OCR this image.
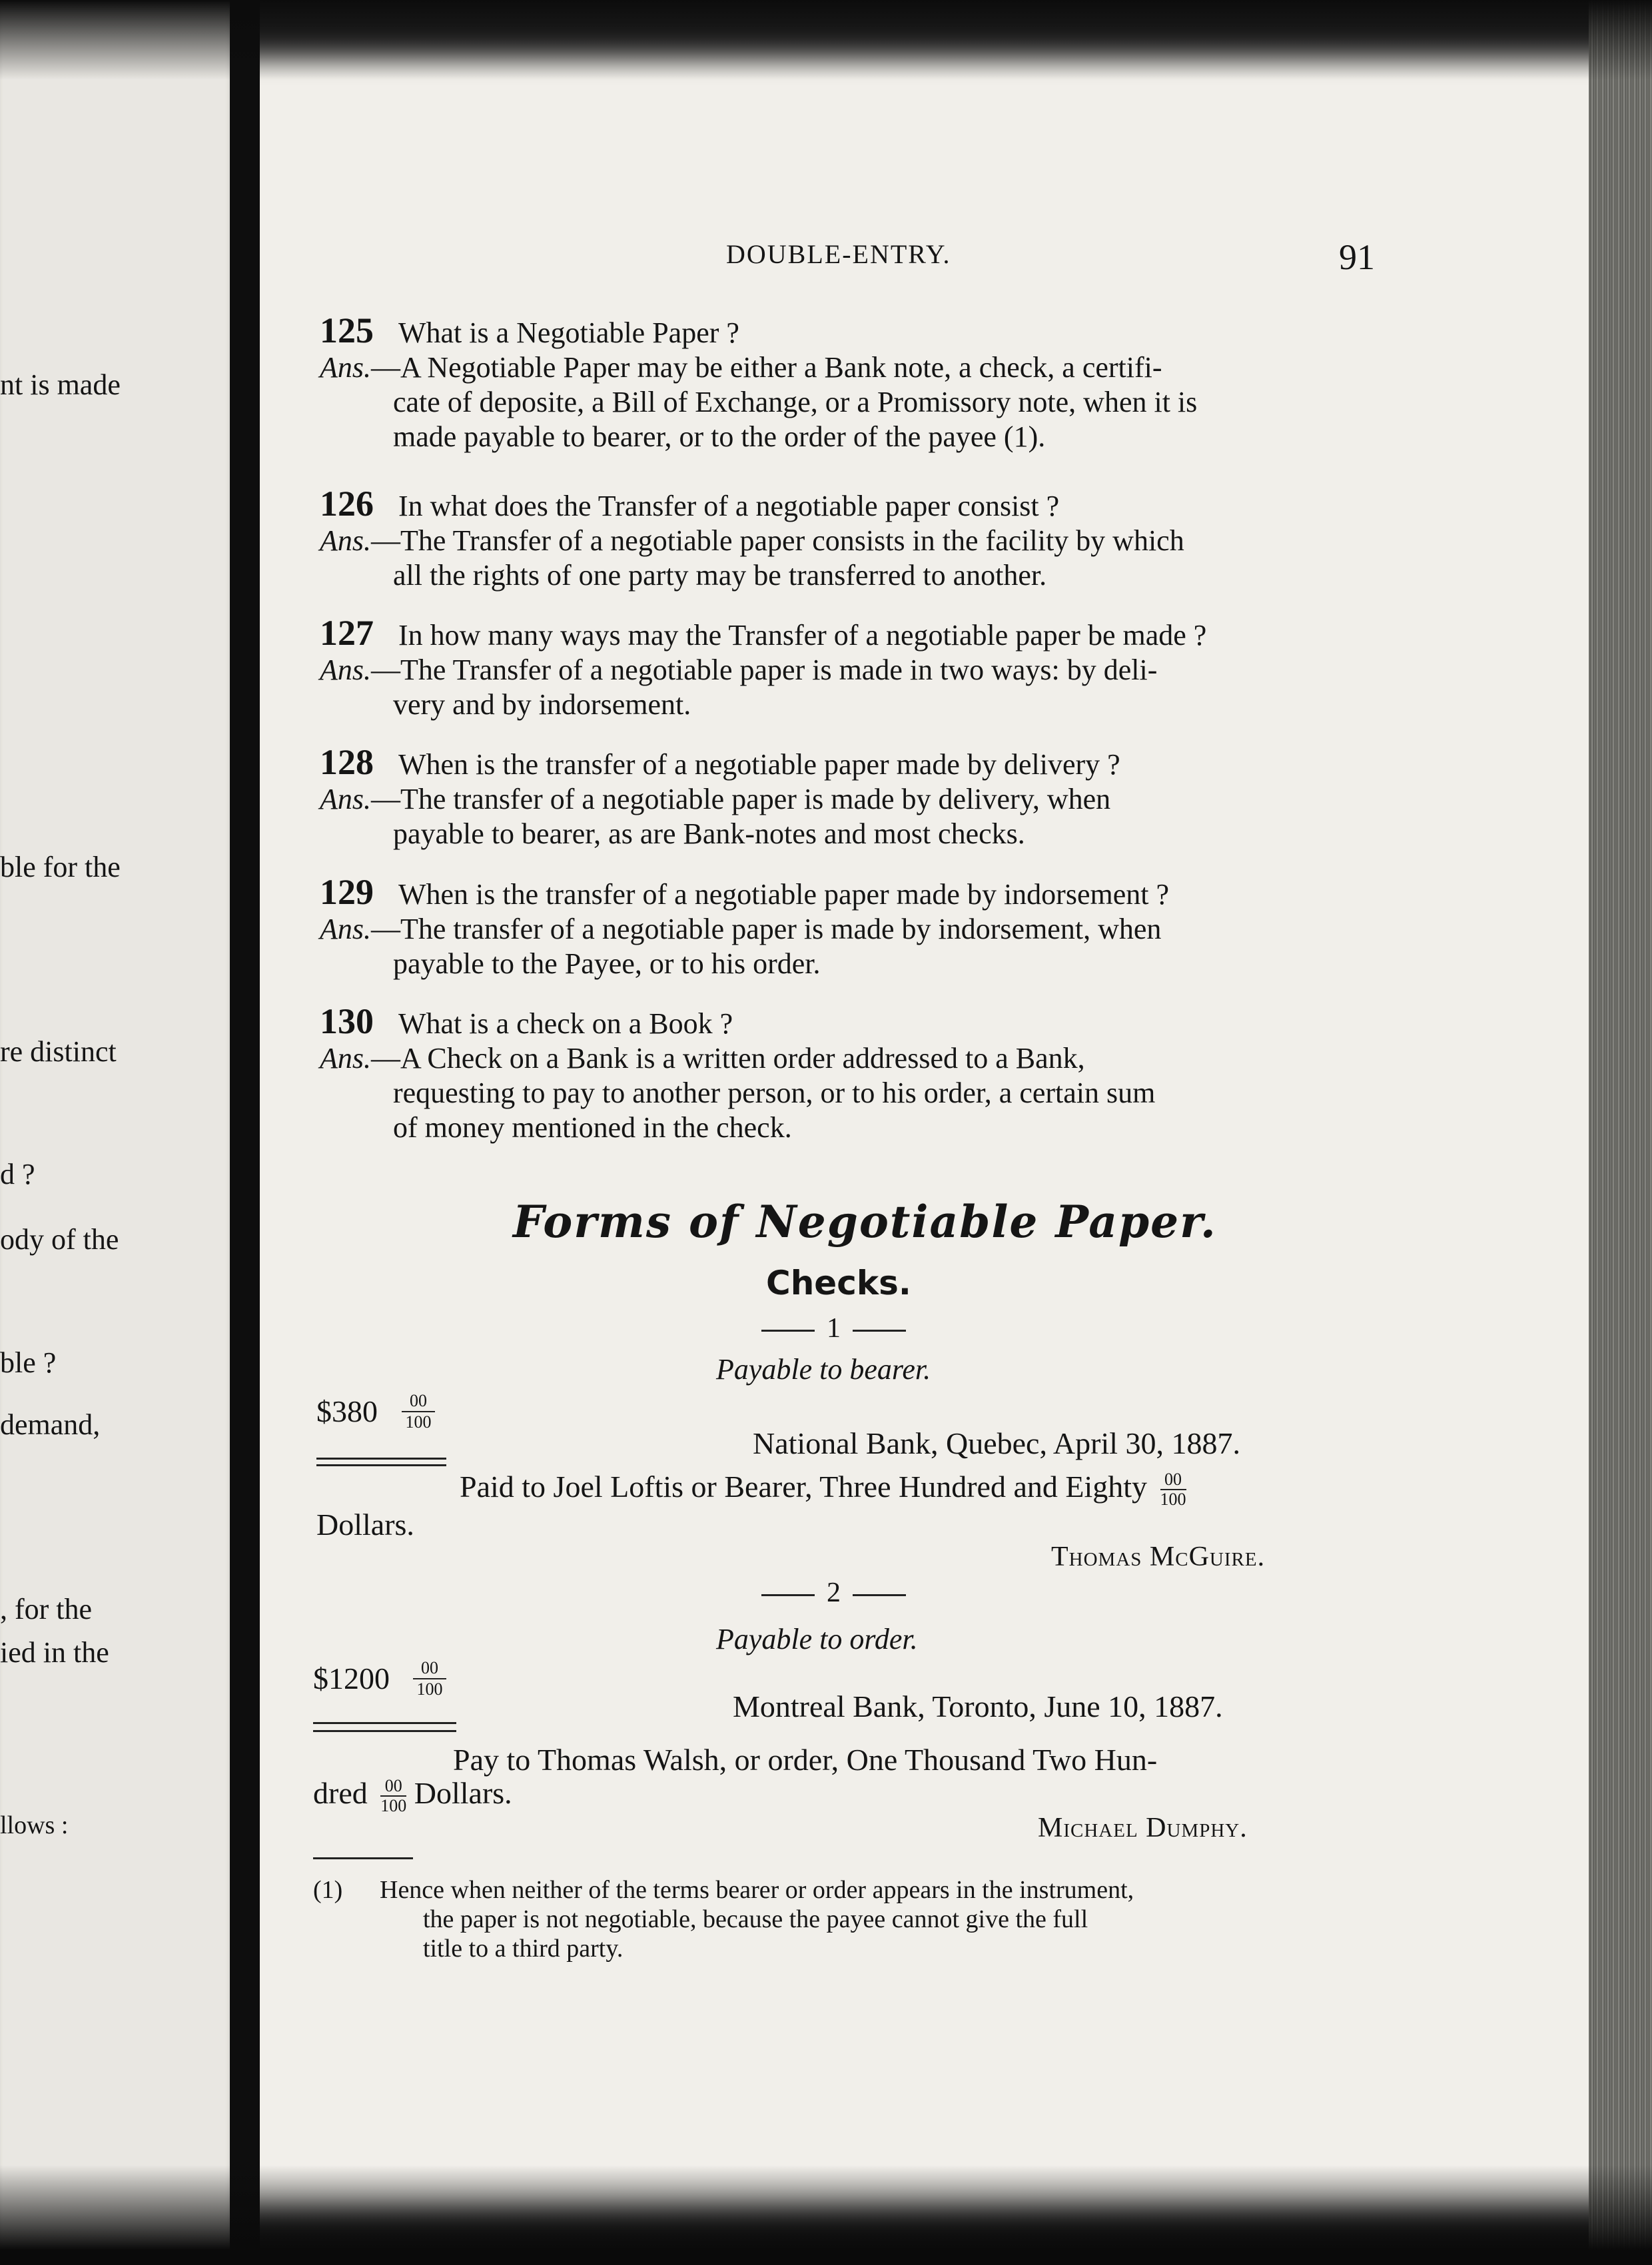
nt is made
ble for the
re distinct
d ?
ody of the
ble ?
demand,
, for the
ied in the
llows :
DOUBLE-ENTRY.	91
125 What is a Negotiable Paper ?
Ans.—A Negotiable Paper may be either a Bank note, a check, a certifi-
cate of deposite, a Bill of Exchange, or a Promissory note, when it is
made payable to bearer, or to the order of the payee (1).
126 In what does the Transfer of a negotiable paper consist ?
Ans.—The Transfer of a negotiable paper consists in the facility by which
all the rights of one party may be transferred to another.
127 In how many ways may the Transfer of a negotiable paper be made ?
Ans.—The Transfer of a negotiable paper is made in two ways: by deli-
very and by indorsement.
128 When is the transfer of a negotiable paper made by delivery ?
Ans.—The transfer of a negotiable paper is made by delivery, when
payable to bearer, as are Bank-notes and most checks.
129 When is the transfer of a negotiable paper made by indorsement ?
Ans.—The transfer of a negotiable paper is made by indorsement, when
payable to the Payee, or to his order.
130 What is a check on a Book ?
Ans.—A Check on a Bank is a written order addressed to a Bank,
requesting to pay to another person, or to his order, a certain sum
of money mentioned in the check.
Forms of Negotiable Paper.
Checks.
1
Payable to bearer.
$380 $\frac{00}{100}$
National Bank, Quebec, April 30, 1887.
Paid to Joel Loftis or Bearer, Three Hundred and Eighty $\frac{00}{100}$
Dollars.
Thomas McGuire.
2
Payable to order.
$1200 $\frac{00}{100}$
Montreal Bank, Toronto, June 10, 1887.
Pay to Thomas Walsh, or order, One Thousand Two Hun-
dred $\frac{00}{100}$ Dollars.
Michael Dumphy.
(1) Hence when neither of the terms bearer or order appears in the instrument,
the paper is not negotiable, because the payee cannot give the full
title to a third party.
